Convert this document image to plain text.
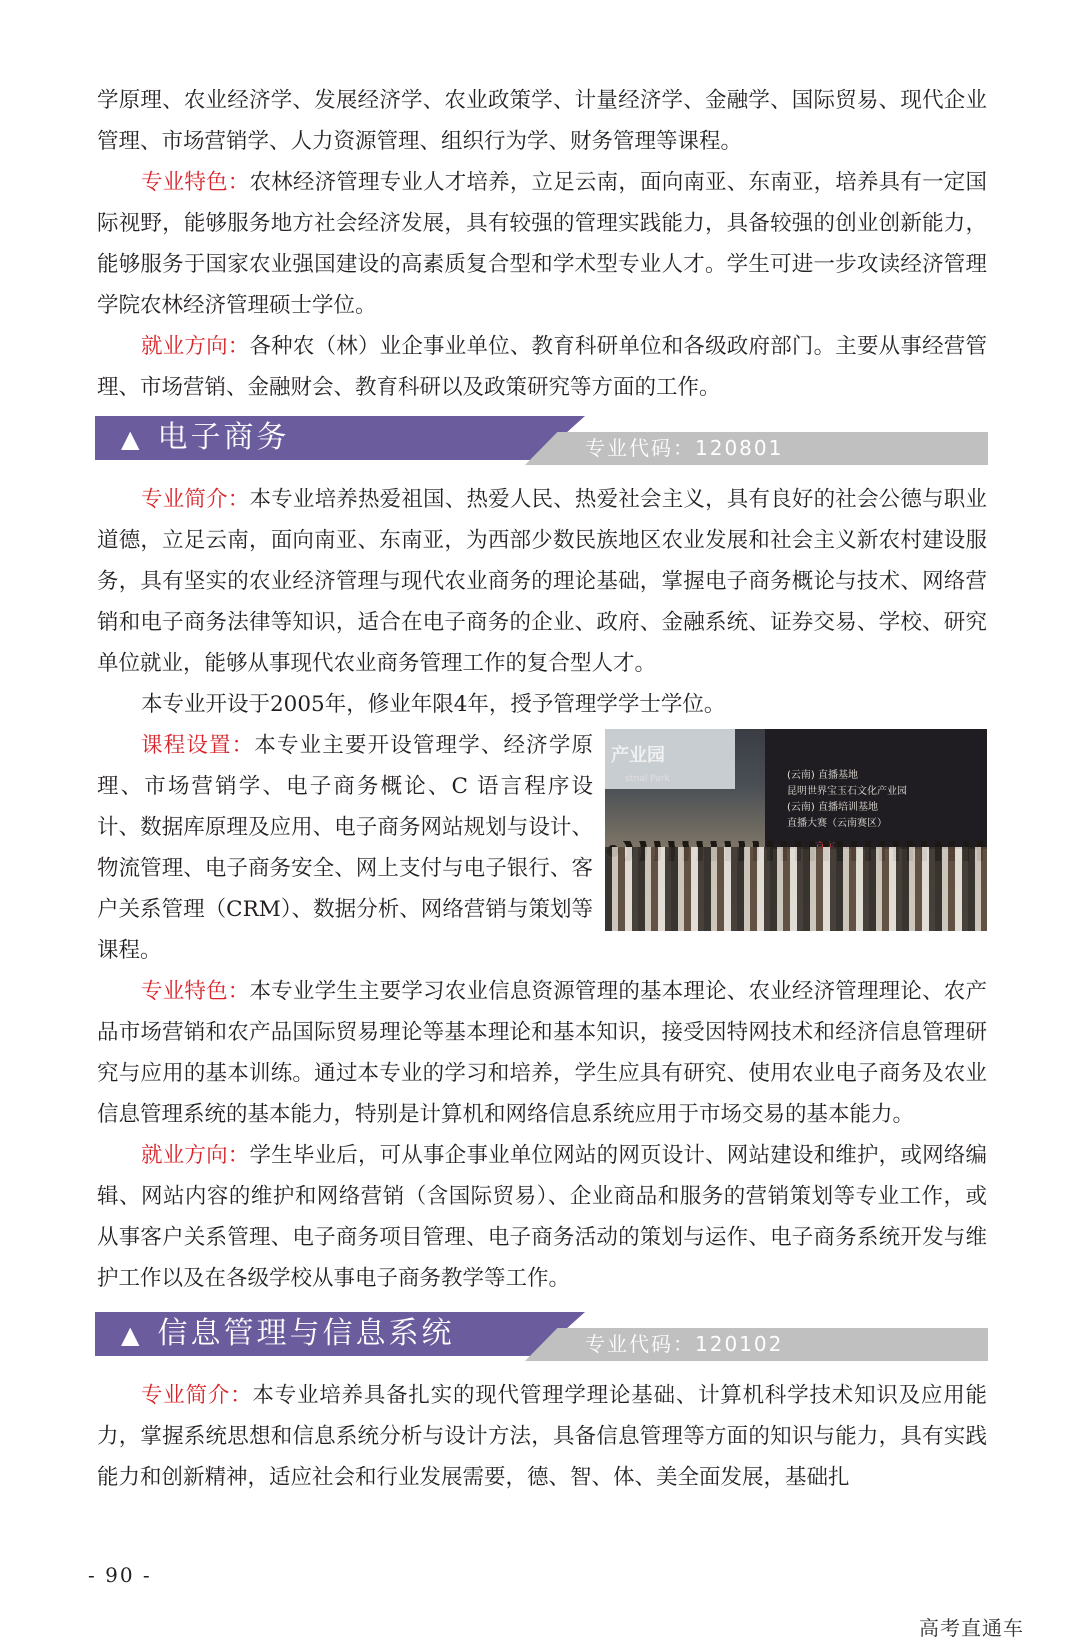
学原理、农业经济学、发展经济学、农业政策学、计量经济学、金融学、国际贸易、现代企业管理、市场营销学、人力资源管理、组织行为学、财务管理等课程。

专业特色：农林经济管理专业人才培养，立足云南，面向南亚、东南亚，培养具有一定国际视野，能够服务地方社会经济发展，具有较强的管理实践能力，具备较强的创业创新能力，能够服务于国家农业强国建设的高素质复合型和学术型专业人才。学生可进一步攻读经济管理学院农林经济管理硕士学位。

就业方向：各种农（林）业企事业单位、教育科研单位和各级政府部门。主要从事经营管理、市场营销、金融财会、教育科研以及政策研究等方面的工作。

▲ 电子商务	专业代码：120801

专业简介：本专业培养热爱祖国、热爱人民、热爱社会主义，具有良好的社会公德与职业道德，立足云南，面向南亚、东南亚，为西部少数民族地区农业发展和社会主义新农村建设服务，具有坚实的农业经济管理与现代农业商务的理论基础，掌握电子商务概论与技术、网络营销和电子商务法律等知识，适合在电子商务的企业、政府、金融系统、证券交易、学校、研究单位就业，能够从事现代农业商务管理工作的复合型人才。

本专业开设于2005年，修业年限4年，授予管理学学士学位。

产业园
strial Park	(云南) 直播基地
昆明世界宝玉石文化产业园
(云南) 直播培训基地
直播大赛（云南赛区）

课程设置：本专业主要开设管理学、经济学原理、市场营销学、电子商务概论、C 语言程序设计、数据库原理及应用、电子商务网站规划与设计、物流管理、电子商务安全、网上支付与电子银行、客户关系管理（CRM）、数据分析、网络营销与策划等课程。

专业特色：本专业学生主要学习农业信息资源管理的基本理论、农业经济管理理论、农产品市场营销和农产品国际贸易理论等基本理论和基本知识，接受因特网技术和经济信息管理研究与应用的基本训练。通过本专业的学习和培养，学生应具有研究、使用农业电子商务及农业信息管理系统的基本能力，特别是计算机和网络信息系统应用于市场交易的基本能力。

就业方向：学生毕业后，可从事企事业单位网站的网页设计、网站建设和维护，或网络编辑、网站内容的维护和网络营销（含国际贸易）、企业商品和服务的营销策划等专业工作，或从事客户关系管理、电子商务项目管理、电子商务活动的策划与运作、电子商务系统开发与维护工作以及在各级学校从事电子商务教学等工作。

▲ 信息管理与信息系统	专业代码：120102

专业简介：本专业培养具备扎实的现代管理学理论基础、计算机科学技术知识及应用能力，掌握系统思想和信息系统分析与设计方法，具备信息管理等方面的知识与能力，具有实践能力和创新精神，适应社会和行业发展需要，德、智、体、美全面发展，基础扎

- 90 -
高考直通车
